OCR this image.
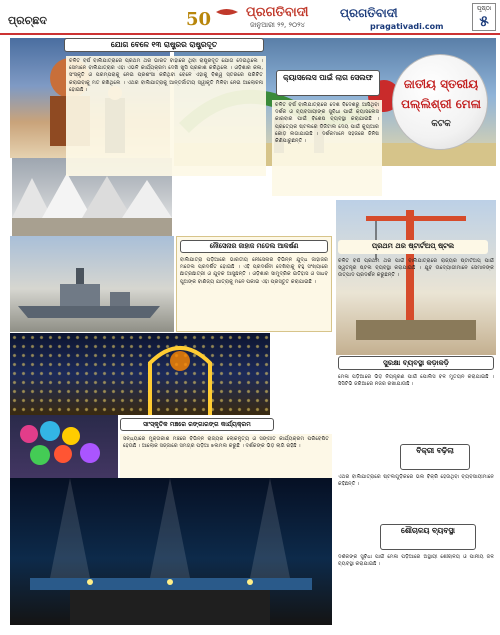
ପ୍ରଚ୍ଛଦ	50	ପ୍ରଗତିବାଦୀ
ଜାନୁଆରୀ ୨୨, ୨୦୨୪
ପ୍ରଗତିବାଦୀ
pragativadi.com
ପୃଷ୍ଠା
୫
ଜାତୀୟ ସ୍ତରୀୟ
ପଲ୍ଲିଶ୍ରୀ ମେଳା
କଟକ
ଯୋଗ ବେଳେ ୧୩ ରାଷ୍ଟ୍ରର ରାଷ୍ଟ୍ରଦୂତ
ଚଳିତ ବର୍ଷ ବାଲିଯାତ୍ରାରେ ପ୍ରଥମ ଥର ଭାରତ ବାହାରେ ଥିବା ରାଷ୍ଟ୍ରଦୂତ ଯୋଗ ଦେଇଥିଲେ । ସେମାନେ ବାଲିଯାତ୍ରାର ଏହା ଏଭଳି କାର୍ଯ୍ୟକ୍ରମ ଦେଖି ଖୁସି ପ୍ରକାଶ କରିଥିଲେ । ଓଡ଼ିଶାର କଳା, ସଂସ୍କୃତି ଓ ପରମ୍ପରାକୁ ନେଇ ପ୍ରଶଂସା କରିଥିବା ବେଳେ ଏହାକୁ ବିଶ୍ୱ ସ୍ତରରେ ପରିଚିତ କରାଇବାକୁ ମତ ରଖିଥିଲେ । ଏଥର ବାଲିଯାତ୍ରାକୁ ଆନ୍ତର୍ଜାତୀୟ ସ୍ୱୀକୃତି ମିଳିବା ନେଇ ଆଲୋଚନା ହୋଇଛି ।
କ୍ୟାସଲେସ ପାଇଁ ଲାଗ ସେଲଫ
ଚଳିତ ବର୍ଷ ବାଲିଯାତ୍ରାରେ ଦେଶ ବିଦେଶରୁ ଆସିଥିବା ଦର୍ଶକ ଓ ବ୍ୟବସାୟୀଙ୍କ ସୁବିଧା ପାଇଁ କ୍ୟାସଲେସ କାରବାର ପାଇଁ ବିଶେଷ ବ୍ୟବସ୍ଥା କରାଯାଇଛି । ପ୍ରତ୍ୟେକ ଷ୍ଟଲରେ ଡିଜିଟାଲ ଦେୟ ପାଇଁ କ୍ୟୁଆର କୋଡ଼ ଲଗାଯାଇଛି । ଦର୍ଶକମାନେ ସହଜରେ ଜିନିଷ କିଣିପାରୁଛନ୍ତି ।
ନୌସେନାର ଜାହାଜ ମଡେଲ ଆକର୍ଷଣ
ବାଲିଯାତ୍ରା ପଡ଼ିଆରେ ଭାରତୀୟ ନୌସେନାର ବିଭିନ୍ନ ଯୁଦ୍ଧ ଜାହାଜର ମଡେଲ ପ୍ରଦର୍ଶିତ ହୋଇଛି । ଏହି ପ୍ରଦର୍ଶନୀ ଦେଖିବାକୁ ବହୁ ସଂଖ୍ୟାରେ ଛାତ୍ରଛାତ୍ରୀ ଓ ଯୁବକ ଆସୁଛନ୍ତି । ଓଡ଼ିଶାର ସାମୁଦ୍ରିକ ଇତିହାସ ଓ ସାଧବ ପୁଅଙ୍କ ବାଣିଜ୍ୟ ଯାତ୍ରାକୁ ମନେ ପକାଇ ଏହା ପ୍ରସ୍ତୁତ କରାଯାଇଛି ।
ପ୍ରଥମ ଥର ଷ୍ଟାର୍ଟଅପ୍ ଷ୍ଟଲ
ଚଳିତ ବର୍ଷ ପ୍ରଥମ ଥର ପାଇଁ ବାଲିଯାତ୍ରାରେ ରାଜ୍ୟର ଷ୍ଟାର୍ଟଅପ୍ ପାଇଁ ସ୍ୱତନ୍ତ୍ର ଷ୍ଟଲ ବ୍ୟବସ୍ଥା କରାଯାଇଛି । ଯୁବ ଉଦ୍ୟୋଗୀମାନେ ସେମାନଙ୍କ ଉତ୍ପାଦ ପ୍ରଦର୍ଶନ କରୁଛନ୍ତି ।
ସୁରକ୍ଷା ବ୍ୟବସ୍ଥା କଡ଼ାକଡ଼ି
ମେଳା ପଡ଼ିଆରେ ଭିଡ଼ ନିୟନ୍ତ୍ରଣ ପାଇଁ ପୋଲିସ ବଳ ମୁତୟନ କରାଯାଇଛି । ସିସିଟିଭି ଜରିଆରେ ନଜର ରଖାଯାଉଛି ।
ବିକ୍ରୀ ବଢ଼ିଲା
ଏଥର ବାଲିଯାତ୍ରାରେ ଷ୍ଟଲଗୁଡ଼ିକରେ ଭଲ ବିକ୍ରି ହେଉଥିବା ବ୍ୟବସାୟୀମାନେ କହିଛନ୍ତି ।
ଶୌଚାଳୟ ବ୍ୟବସ୍ଥା
ଦର୍ଶକଙ୍କ ସୁବିଧା ପାଇଁ ମେଳା ପଡ଼ିଆରେ ଅସ୍ଥାୟୀ ଶୌଚାଳୟ ଓ ପାନୀୟ ଜଳ ବ୍ୟବସ୍ଥା କରାଯାଇଛି ।
ସାଂସ୍କୃତିକ ମଞ୍ଚରେ ରଙ୍ଗାରଙ୍ଗ କାର୍ଯ୍ୟକ୍ରମ
ସନ୍ଧ୍ୟାରେ ମୁକ୍ତାକାଶ ମଞ୍ଚରେ ବିଭିନ୍ନ ରାଜ୍ୟର ଲୋକନୃତ୍ୟ ଓ ସଙ୍ଗୀତ କାର୍ଯ୍ୟକ୍ରମ ପରିବେଷିତ ହେଉଛି । ଆଲୋକ ସଜ୍ଜାରେ ସମଗ୍ର ପଡ଼ିଆ ଝଲମଲ କରୁଛି । ଦର୍ଶକଙ୍କ ଭିଡ଼ ଲାଗି ରହିଛି ।
